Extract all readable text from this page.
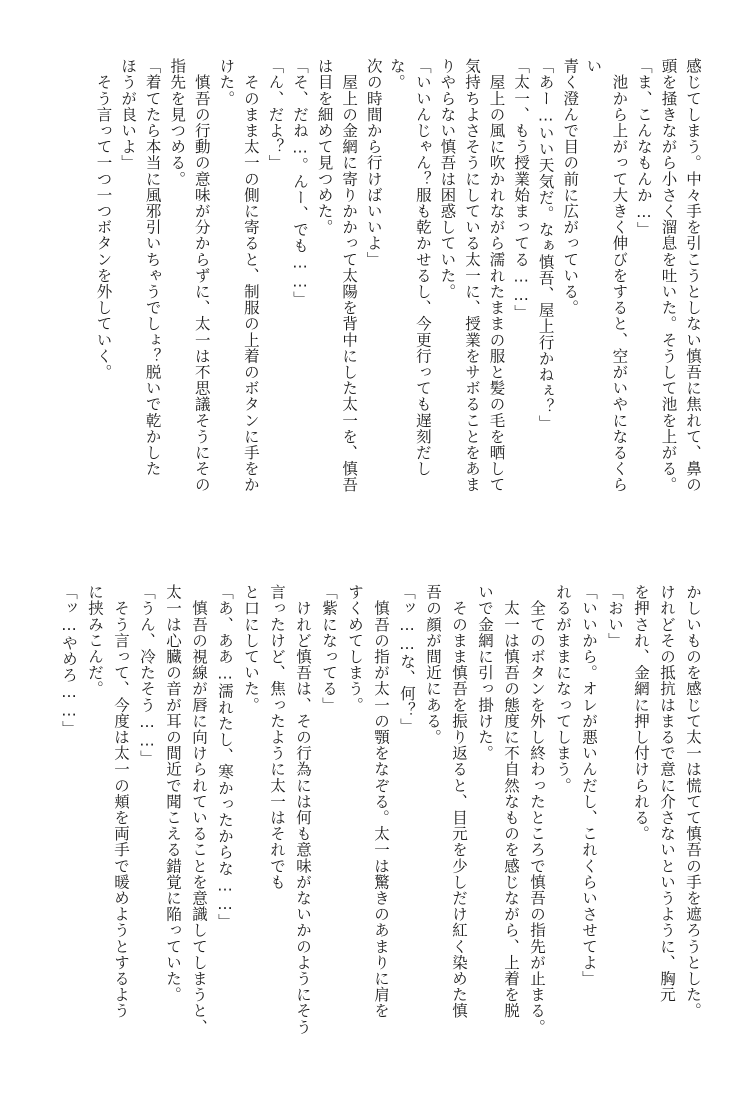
感じてしまう。中々手を引こうとしない慎吾に焦れて、鼻の
頭を掻きながら小さく溜息を吐いた。そうして池を上がる。
「ま、こんなもんか…」
　池から上がって大きく伸びをすると、空がいやになるくらい
青く澄んで目の前に広がっている。
「あー…いい天気だ。なぁ慎吾、屋上行かねぇ？」
「太一、もう授業始まってる……」
　屋上の風に吹かれながら濡れたままの服と髪の毛を晒して
気持ちよさそうにしている太一に、授業をサボることをあま
りやらない慎吾は困惑していた。
「いいんじゃん？服も乾かせるし、今更行っても遅刻だしな。
次の時間から行けばいいよ」
　屋上の金網に寄りかかって太陽を背中にした太一を、慎吾
は目を細めて見つめた。
「そ、だね…。んー、でも……」
「ん、だよ？」
　そのまま太一の側に寄ると、制服の上着のボタンに手をか
けた。
　慎吾の行動の意味が分からずに、太一は不思議そうにその
指先を見つめる。
「着てたら本当に風邪引いちゃうでしょ？脱いで乾かした
ほうが良いよ」
　そう言って一つ一つボタンを外していく。
かしいものを感じて太一は慌てて慎吾の手を遮ろうとした。
けれどその抵抗はまるで意に介さないというように、胸元
を押され、金網に押し付けられる。
「おい」
「いいから。オレが悪いんだし、これくらいさせてよ」
れるがままになってしまう。
　全てのボタンを外し終わったところで慎吾の指先が止まる。
　太一は慎吾の態度に不自然なものを感じながら、上着を脱
いで金網に引っ掛けた。
　そのまま慎吾を振り返ると、目元を少しだけ紅く染めた慎
吾の顔が間近にある。
「ッ……な、何？」
　慎吾の指が太一の顎をなぞる。太一は驚きのあまりに肩を
すくめてしまう。
「紫になってる」
　けれど慎吾は、その行為には何も意味がないかのようにそう
言ったけど、焦ったように太一はそれでも
と口にしていた。
「あ、ああ…濡れたし、寒かったからな……」
　慎吾の視線が唇に向けられていることを意識してしまうと、
太一は心臓の音が耳の間近で聞こえる錯覚に陥っていた。
「うん、冷たそう……」
　そう言って、今度は太一の頬を両手で暖めようとするよう
に挟みこんだ。
「ッ…やめろ……」
